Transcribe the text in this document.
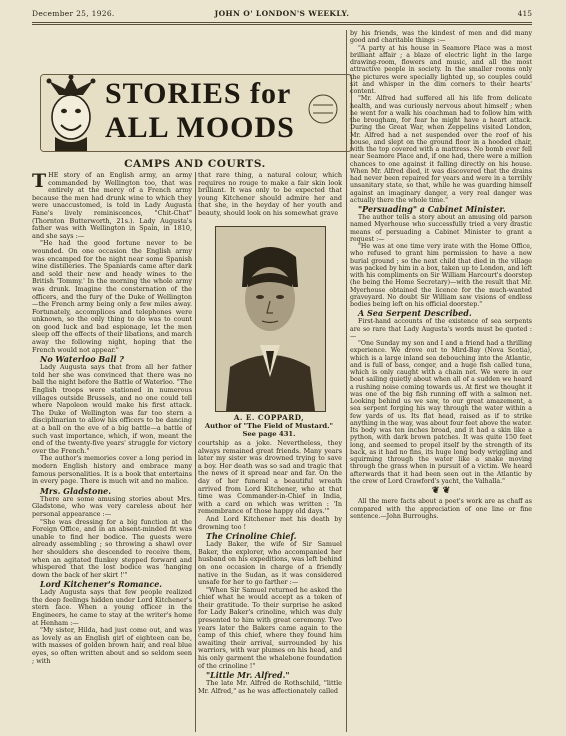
December 25, 1926.	JOHN O' LONDON'S WEEKLY.	415
STORIES for
ALL MOODS
CAMPS AND COURTS.

THE story of an English army, an army commanded by Wellington too, that was entirely at the mercy of a French army because the men had drunk wine to which they were unaccustomed, is told in Lady Augusta Fane's lively reminiscences, "Chit-Chat" (Thornton Butterworth, 21s.). Lady Augusta's father was with Wellington in Spain, in 1810, and she says :—

"He had the good fortune never to be wounded. On one occasion the English army was encamped for the night near some Spanish wine distilleries. The Spaniards came after dark and sold their new and heady wines to the British 'Tommy.' In the morning the whole army was drunk. Imagine the consternation of the officers, and the fury of the Duke of Wellington—the French army being only a few miles away. Fortunately, accomplices and telephones were unknown, so the only thing to do was to count on good luck and bad espionage, let the men sleep off the effects of their libations, and march away the following night, hoping that the French would not appear."

No Waterloo Ball ?

Lady Augusta says that from all her father told her she was convinced that there was no ball the night before the Battle of Waterloo. "The English troops were stationed in numerous villages outside Brussels, and no one could tell where Napoleon would make his first attack. The Duke of Wellington was far too stern a disciplinarian to allow his officers to be dancing at a ball on the eve of a big battle—a battle of such vast importance, which, if won, meant the end of the twenty-five years' struggle for victory over the French."

The author's memories cover a long period in modern English history and embrace many famous personalities. It is a book that entertains in every page. There is much wit and no malice.

Mrs. Gladstone.

There are some amusing stories about Mrs. Gladstone, who was very careless about her personal appearance :—

"She was dressing for a big function at the Foreign Office, and in an absent-minded fit was unable to find her bodice. The guests were already assembling ; so throwing a shawl over her shoulders she descended to receive them, when an agitated flunkey stepped forward and whispered that the lost bodice was 'hanging down the back of her skirt !'"

Lord Kitchener's Romance.

Lady Augusta says that few people realized the deep feelings hidden under Lord Kitchener's stern face. When a young officer in the Engineers, he came to stay at the writer's home at Henham :—

"My sister, Hilda, had just come out, and was as lovely as an English girl of eighteen can be, with masses of golden brown hair, and real blue eyes, so often written about and so seldom seen ; with

that rare thing, a natural colour, which requires no rouge to make a fair skin look brilliant. It was only to be expected that young Kitchener should admire her and that she, in the heyday of her youth and beauty, should look on his somewhat grave

A. E. COPPARD,
Author of "The Field of Mustard."
See page 431.

courtship as a joke. Nevertheless, they always remained great friends. Many years later my sister was drowned trying to save a boy. Her death was so sad and tragic that the news of it spread near and far. On the day of her funeral a beautiful wreath arrived from Lord Kitchener, who at that time was Commander-in-Chief in India, with a card on which was written : 'In remembrance of those happy old days.'"

And Lord Kitchener met his death by drowning too !

The Crinoline Chief.

Lady Baker, the wife of Sir Samuel Baker, the explorer, who accompanied her husband on his expeditions, was left behind on one occasion in charge of a friendly native in the Sudan, as it was considered unsafe for her to go farther :—

"When Sir Samuel returned he asked the chief what he would accept as a token of their gratitude. To their surprise he asked for Lady Baker's crinoline, which was duly presented to him with great ceremony. Two years later the Bakers came again to the camp of this chief, where they found him awaiting their arrival, surrounded by his warriors, with war plumes on his head, and his only garment the whalebone foundation of the crinoline !"

"Little Mr. Alfred."

The late Mr. Alfred de Rothschild, "little Mr. Alfred," as he was affectionately called

by his friends, was the kindest of men and did many good and charitable things :—

"A party at his house in Seamore Place was a most brilliant affair ; a blaze of electric light in the large drawing-room, flowers and music, and all the most attractive people in society. In the smaller rooms only the pictures were specially lighted up, so couples could sit and whisper in the dim corners to their hearts' content.

"Mr. Alfred had suffered all his life from delicate health, and was curiously nervous about himself ; when he went for a walk his coachman had to follow him with the brougham, for fear he might have a heart attack. During the Great War, when Zeppelins visited London, Mr. Alfred had a net suspended over the roof of his house, and slept on the ground floor in a hooded chair, with the top covered with a mattress. No bomb ever fell near Seamore Place and, if one had, there were a million chances to one against it falling directly on his house. When Mr. Alfred died, it was discovered that the drains had never been repaired for years and were in a terribly unsanitary state, so that, while he was guarding himself against an imaginary danger, a very real danger was actually there the whole time."

"Persuading" a Cabinet Minister.

The author tells a story about an amusing old parson named Myerhouse who successfully tried a very drastic means of persuading a Cabinet Minister to grant a request :—

"He was at one time very irate with the Home Office, who refused to grant him permission to have a new burial ground ; so the next child that died in the village was packed by him in a box, taken up to London, and left with his compliments on Sir William Harcourt's doorstep (he being the Home Secretary)—with the result that Mr. Myerhouse obtained the licence for the much-wanted graveyard. No doubt Sir William saw visions of endless bodies being left on his official doorstep."

A Sea Serpent Described.

First-hand accounts of the existence of sea serpents are so rare that Lady Augusta's words must be quoted :—

"One Sunday my son and I and a friend had a thrilling experience. We drove out to Mird-Bay (Nova Scotia), which is a large inland sea debouching into the Atlantic, and is full of bass, conger, and a huge fish called tuna, which is only caught with a chain net. We were in our boat sailing quietly about when all of a sudden we heard a rushing noise coming towards us. At first we thought it was one of the big fish running off with a salmon net. Looking behind us we saw, to our great amazement, a sea serpent forging his way through the water within a few yards of us. Its flat head, raised as if to strike anything in the way, was about four feet above the water. Its body was ten inches broad, and it had a skin like a python, with dark brown patches. It was quite 150 feet long, and seemed to propel itself by the strength of its back, as it had no fins, its huge long body wriggling and squirming through the water like a snake moving through the grass when in pursuit of a victim. We heard afterwards that it had been seen out in the Atlantic by the crew of Lord Crawford's yacht, the Valhalla."

❦ ❦

All the mere facts about a poet's work are as chaff as compared with the appreciation of one line or fine sentence.—John Burroughs.
